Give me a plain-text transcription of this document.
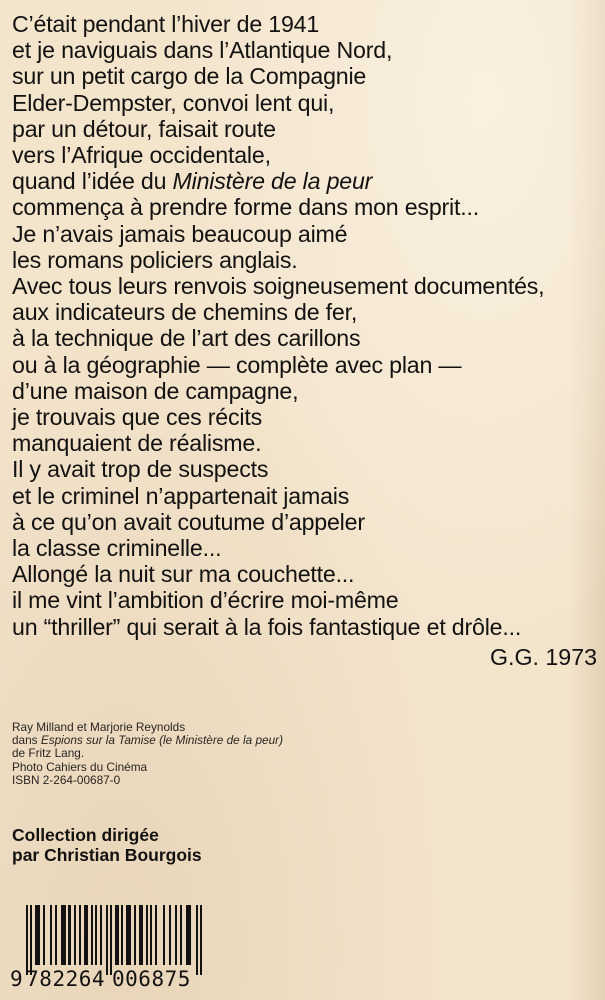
C’était pendant l’hiver de 1941
et je naviguais dans l’Atlantique Nord,
sur un petit cargo de la Compagnie
Elder-Dempster, convoi lent qui,
par un détour, faisait route
vers l’Afrique occidentale,
quand l’idée du Ministère de la peur
commença à prendre forme dans mon esprit...
Je n’avais jamais beaucoup aimé
les romans policiers anglais.
Avec tous leurs renvois soigneusement documentés,
aux indicateurs de chemins de fer,
à la technique de l’art des carillons
ou à la géographie — complète avec plan —
d’une maison de campagne,
je trouvais que ces récits
manquaient de réalisme.
Il y avait trop de suspects
et le criminel n’appartenait jamais
à ce qu’on avait coutume d’appeler
la classe criminelle...
Allongé la nuit sur ma couchette...
il me vint l’ambition d’écrire moi-même
un “thriller” qui serait à la fois fantastique et drôle...
G.G. 1973
Ray Milland et Marjorie Reynolds
dans Espions sur la Tamise (le Ministère de la peur)
de Fritz Lang.
Photo Cahiers du Cinéma
ISBN 2-264-00687-0
Collection dirigée
par Christian Bourgois
9 782264 006875
